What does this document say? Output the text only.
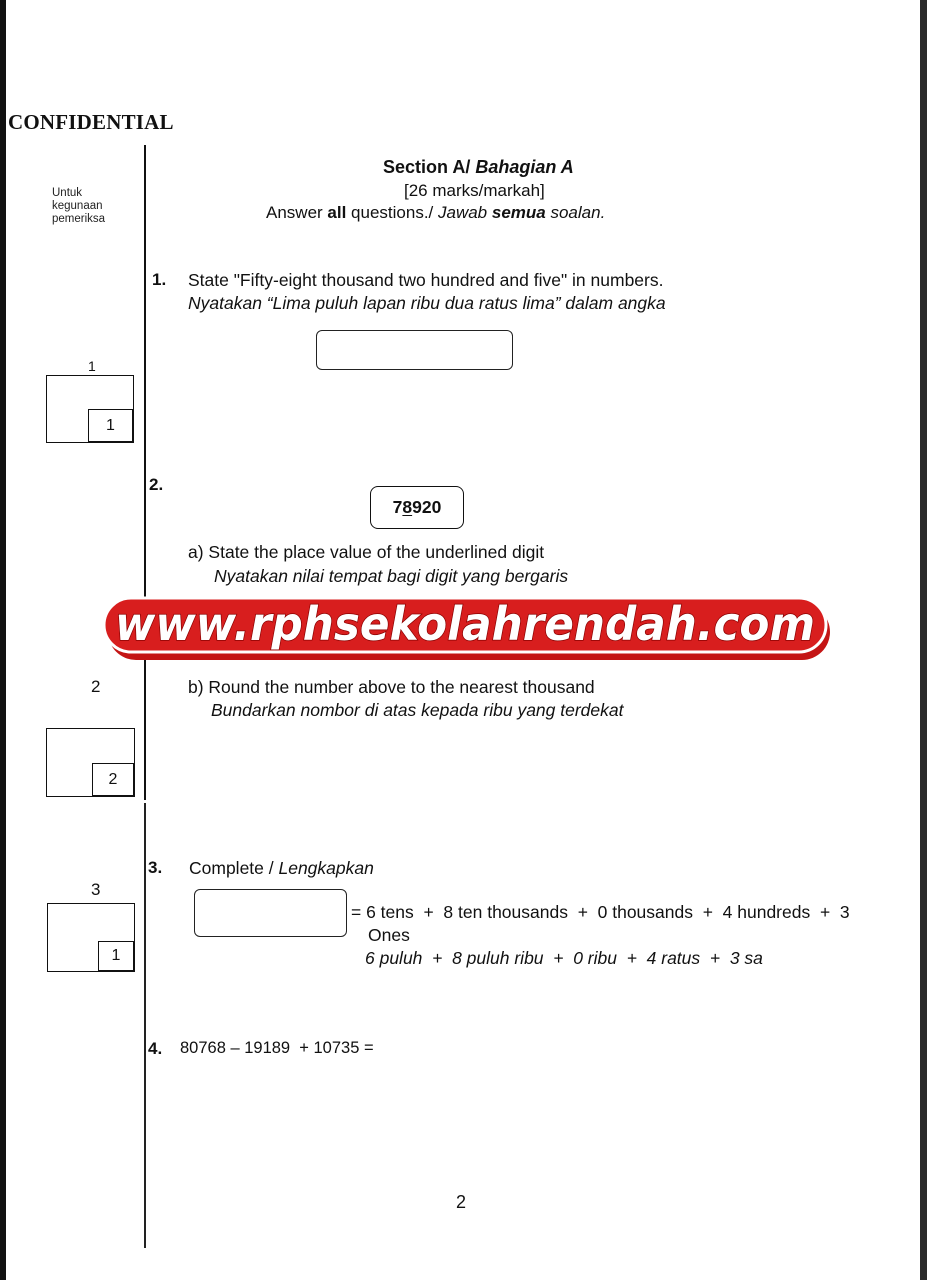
CONFIDENTIAL
Untuk
kegunaan
pemeriksa
Section A/ Bahagian A
[26 marks/markah]
Answer all questions./ Jawab semua soalan.
1. State "Fifty-eight thousand two hundred and five" in numbers.
Nyatakan “Lima puluh lapan ribu dua ratus lima” dalam angka
1
1
2.
78920
a) State the place value of the underlined digit
Nyatakan nilai tempat bagi digit yang bergaris
www.rphsekolahrendah.com
2	b) Round the number above to the nearest thousand
Bundarkan nombor di atas kepada ribu yang terdekat
2
3. Complete / Lengkapkan
3
= 6 tens  +  8 ten thousands  +  0 thousands  +  4 hundreds  +  3
Ones
6 puluh  +  8 puluh ribu  +  0 ribu  +  4 ratus  +  3 sa
1
4. 80768 – 19189  + 10735 =
2
